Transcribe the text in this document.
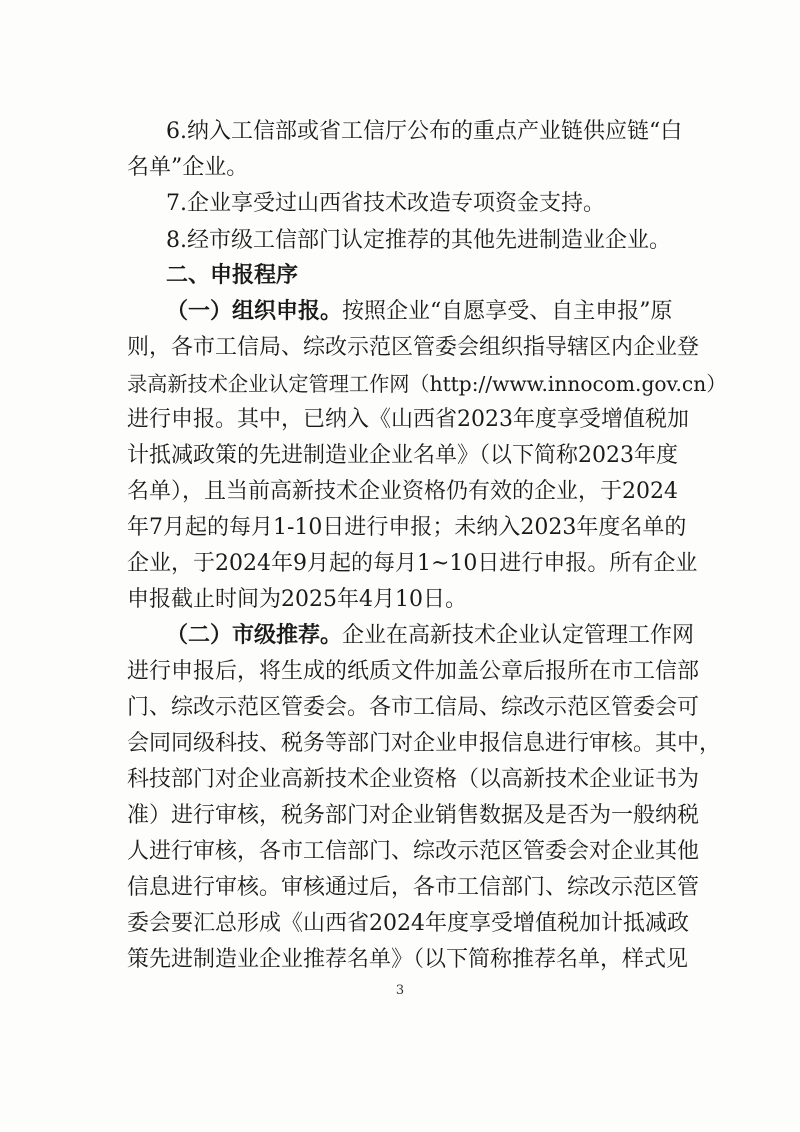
6.纳入工信部或省工信厅公布的重点产业链供应链“白
名单”企业。
7.企业享受过山西省技术改造专项资金支持。
8.经市级工信部门认定推荐的其他先进制造业企业。
二、申报程序
（一）组织申报。按照企业“自愿享受、自主申报”原
则，各市工信局、综改示范区管委会组织指导辖区内企业登
录高新技术企业认定管理工作网（http://www.innocom.gov.cn）
进行申报。其中，已纳入《山西省2023年度享受增值税加
计抵减政策的先进制造业企业名单》（以下简称2023年度
名单），且当前高新技术企业资格仍有效的企业，于2024
年7月起的每月1-10日进行申报；未纳入2023年度名单的
企业，于2024年9月起的每月1~10日进行申报。所有企业
申报截止时间为2025年4月10日。
（二）市级推荐。企业在高新技术企业认定管理工作网
进行申报后，将生成的纸质文件加盖公章后报所在市工信部
门、综改示范区管委会。各市工信局、综改示范区管委会可
会同同级科技、税务等部门对企业申报信息进行审核。其中，
科技部门对企业高新技术企业资格（以高新技术企业证书为
准）进行审核，税务部门对企业销售数据及是否为一般纳税
人进行审核，各市工信部门、综改示范区管委会对企业其他
信息进行审核。审核通过后，各市工信部门、综改示范区管
委会要汇总形成《山西省2024年度享受增值税加计抵减政
策先进制造业企业推荐名单》（以下简称推荐名单，样式见
3
